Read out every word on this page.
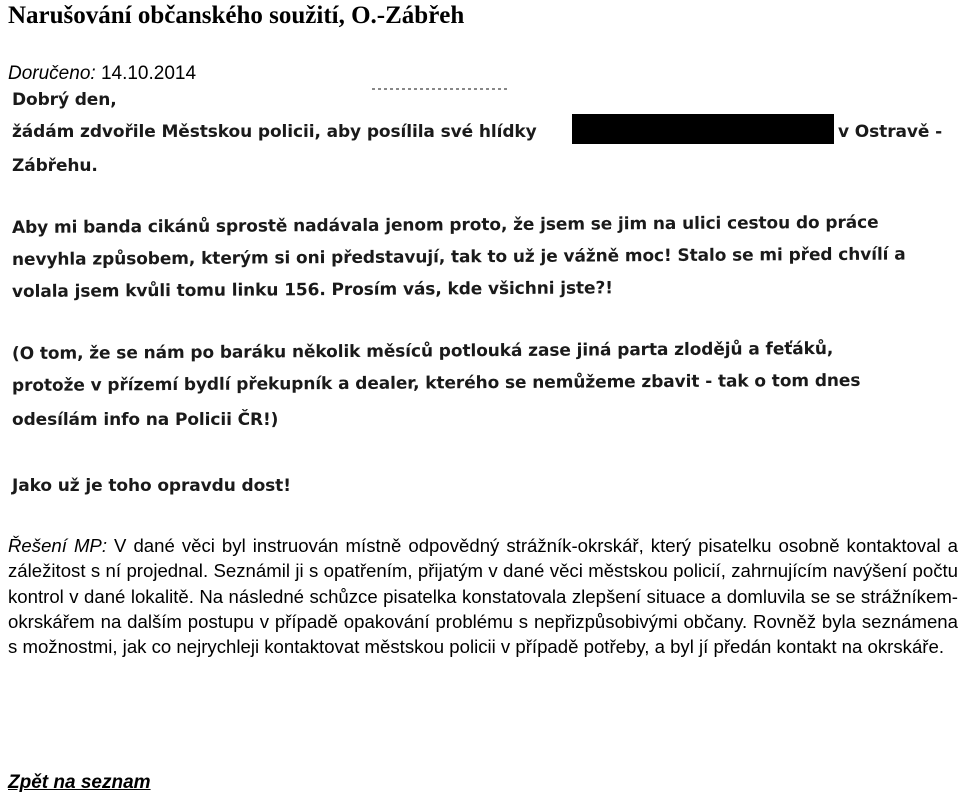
Narušování občanského soužití, O.-Zábřeh
Doručeno: 14.10.2014
Dobrý den,
žádám zdvořile Městskou policii, aby posílila své hlídky	v Ostravě -
Zábřehu.
Aby mi banda cikánů sprostě nadávala jenom proto, že jsem se jim na ulici cestou do práce
nevyhla způsobem, kterým si oni představují, tak to už je vážně moc! Stalo se mi před chvílí a
volala jsem kvůli tomu linku 156. Prosím vás, kde všichni jste?!
(O tom, že se nám po baráku několik měsíců potlouká zase jiná parta zlodějů a feťáků,
protože v přízemí bydlí překupník a dealer, kterého se nemůžeme zbavit - tak o tom dnes
odesílám info na Policii ČR!)
Jako už je toho opravdu dost!
Řešení MP: V dané věci byl instruován místně odpovědný strážník-okrskář, který pisatelku osobně kontaktoval a záležitost s ní projednal. Seznámil ji s opatřením, přijatým v dané věci městskou policií, zahrnujícím navýšení počtu kontrol v dané lokalitě. Na následné schůzce pisatelka konstatovala zlepšení situace a domluvila se se strážníkem-okrskářem na dalším postupu v případě opakování problému s nepřizpůsobivými občany. Rovněž byla seznámena s možnostmi, jak co nejrychleji kontaktovat městskou policii v případě potřeby, a byl jí předán kontakt na okrskáře.
Zpět na seznam
